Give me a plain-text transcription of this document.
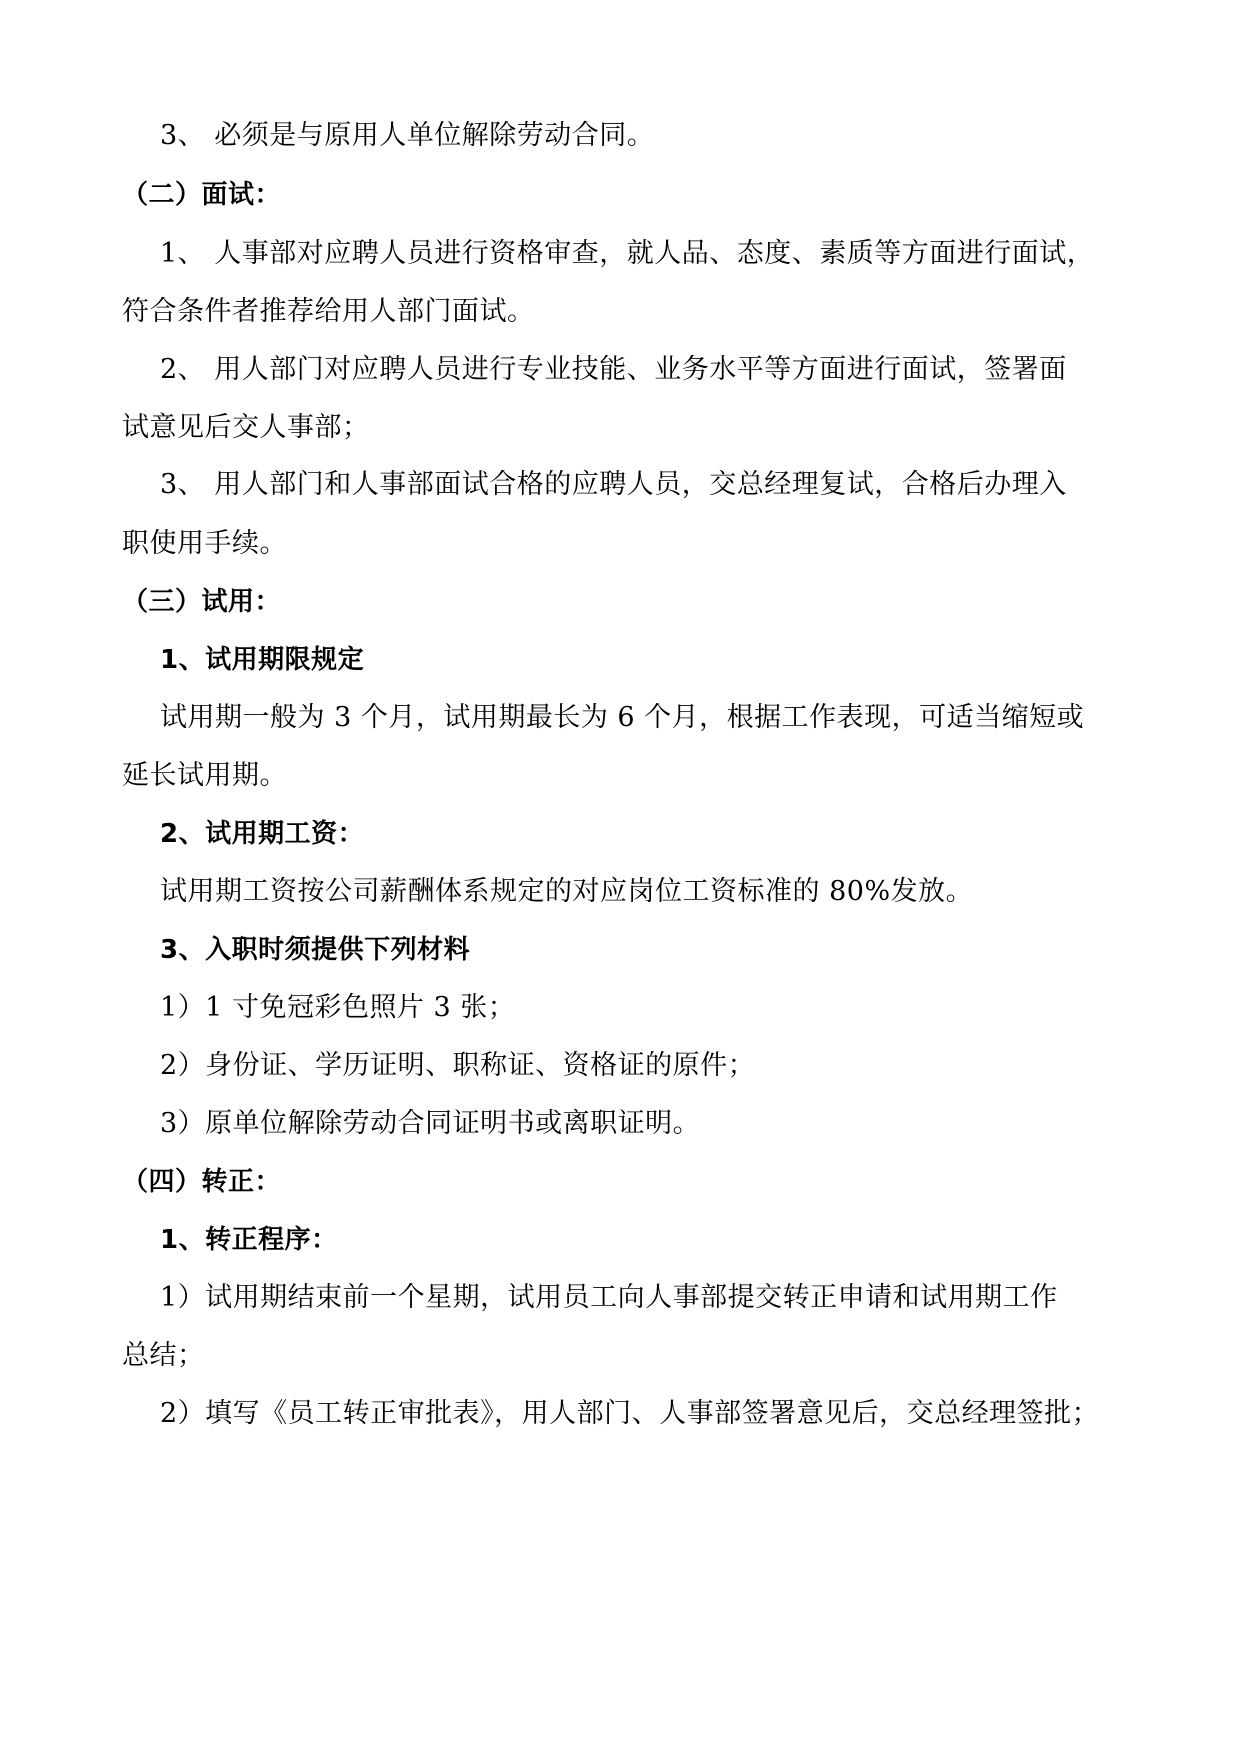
3、 必须是与原用人单位解除劳动合同。
（二）面试：
1、 人事部对应聘人员进行资格审查，就人品、态度、素质等方面进行面试，
符合条件者推荐给用人部门面试。
2、 用人部门对应聘人员进行专业技能、业务水平等方面进行面试，签署面
试意见后交人事部；
3、 用人部门和人事部面试合格的应聘人员，交总经理复试，合格后办理入
职使用手续。
（三）试用：
1、试用期限规定
试用期一般为 3 个月，试用期最长为 6 个月，根据工作表现，可适当缩短或
延长试用期。
2、试用期工资：
试用期工资按公司薪酬体系规定的对应岗位工资标准的 80%发放。
3、入职时须提供下列材料
1）1 寸免冠彩色照片 3 张；
2）身份证、学历证明、职称证、资格证的原件；
3）原单位解除劳动合同证明书或离职证明。
（四）转正：
1、转正程序：
1）试用期结束前一个星期，试用员工向人事部提交转正申请和试用期工作
总结；
2）填写《员工转正审批表》，用人部门、人事部签署意见后，交总经理签批；
